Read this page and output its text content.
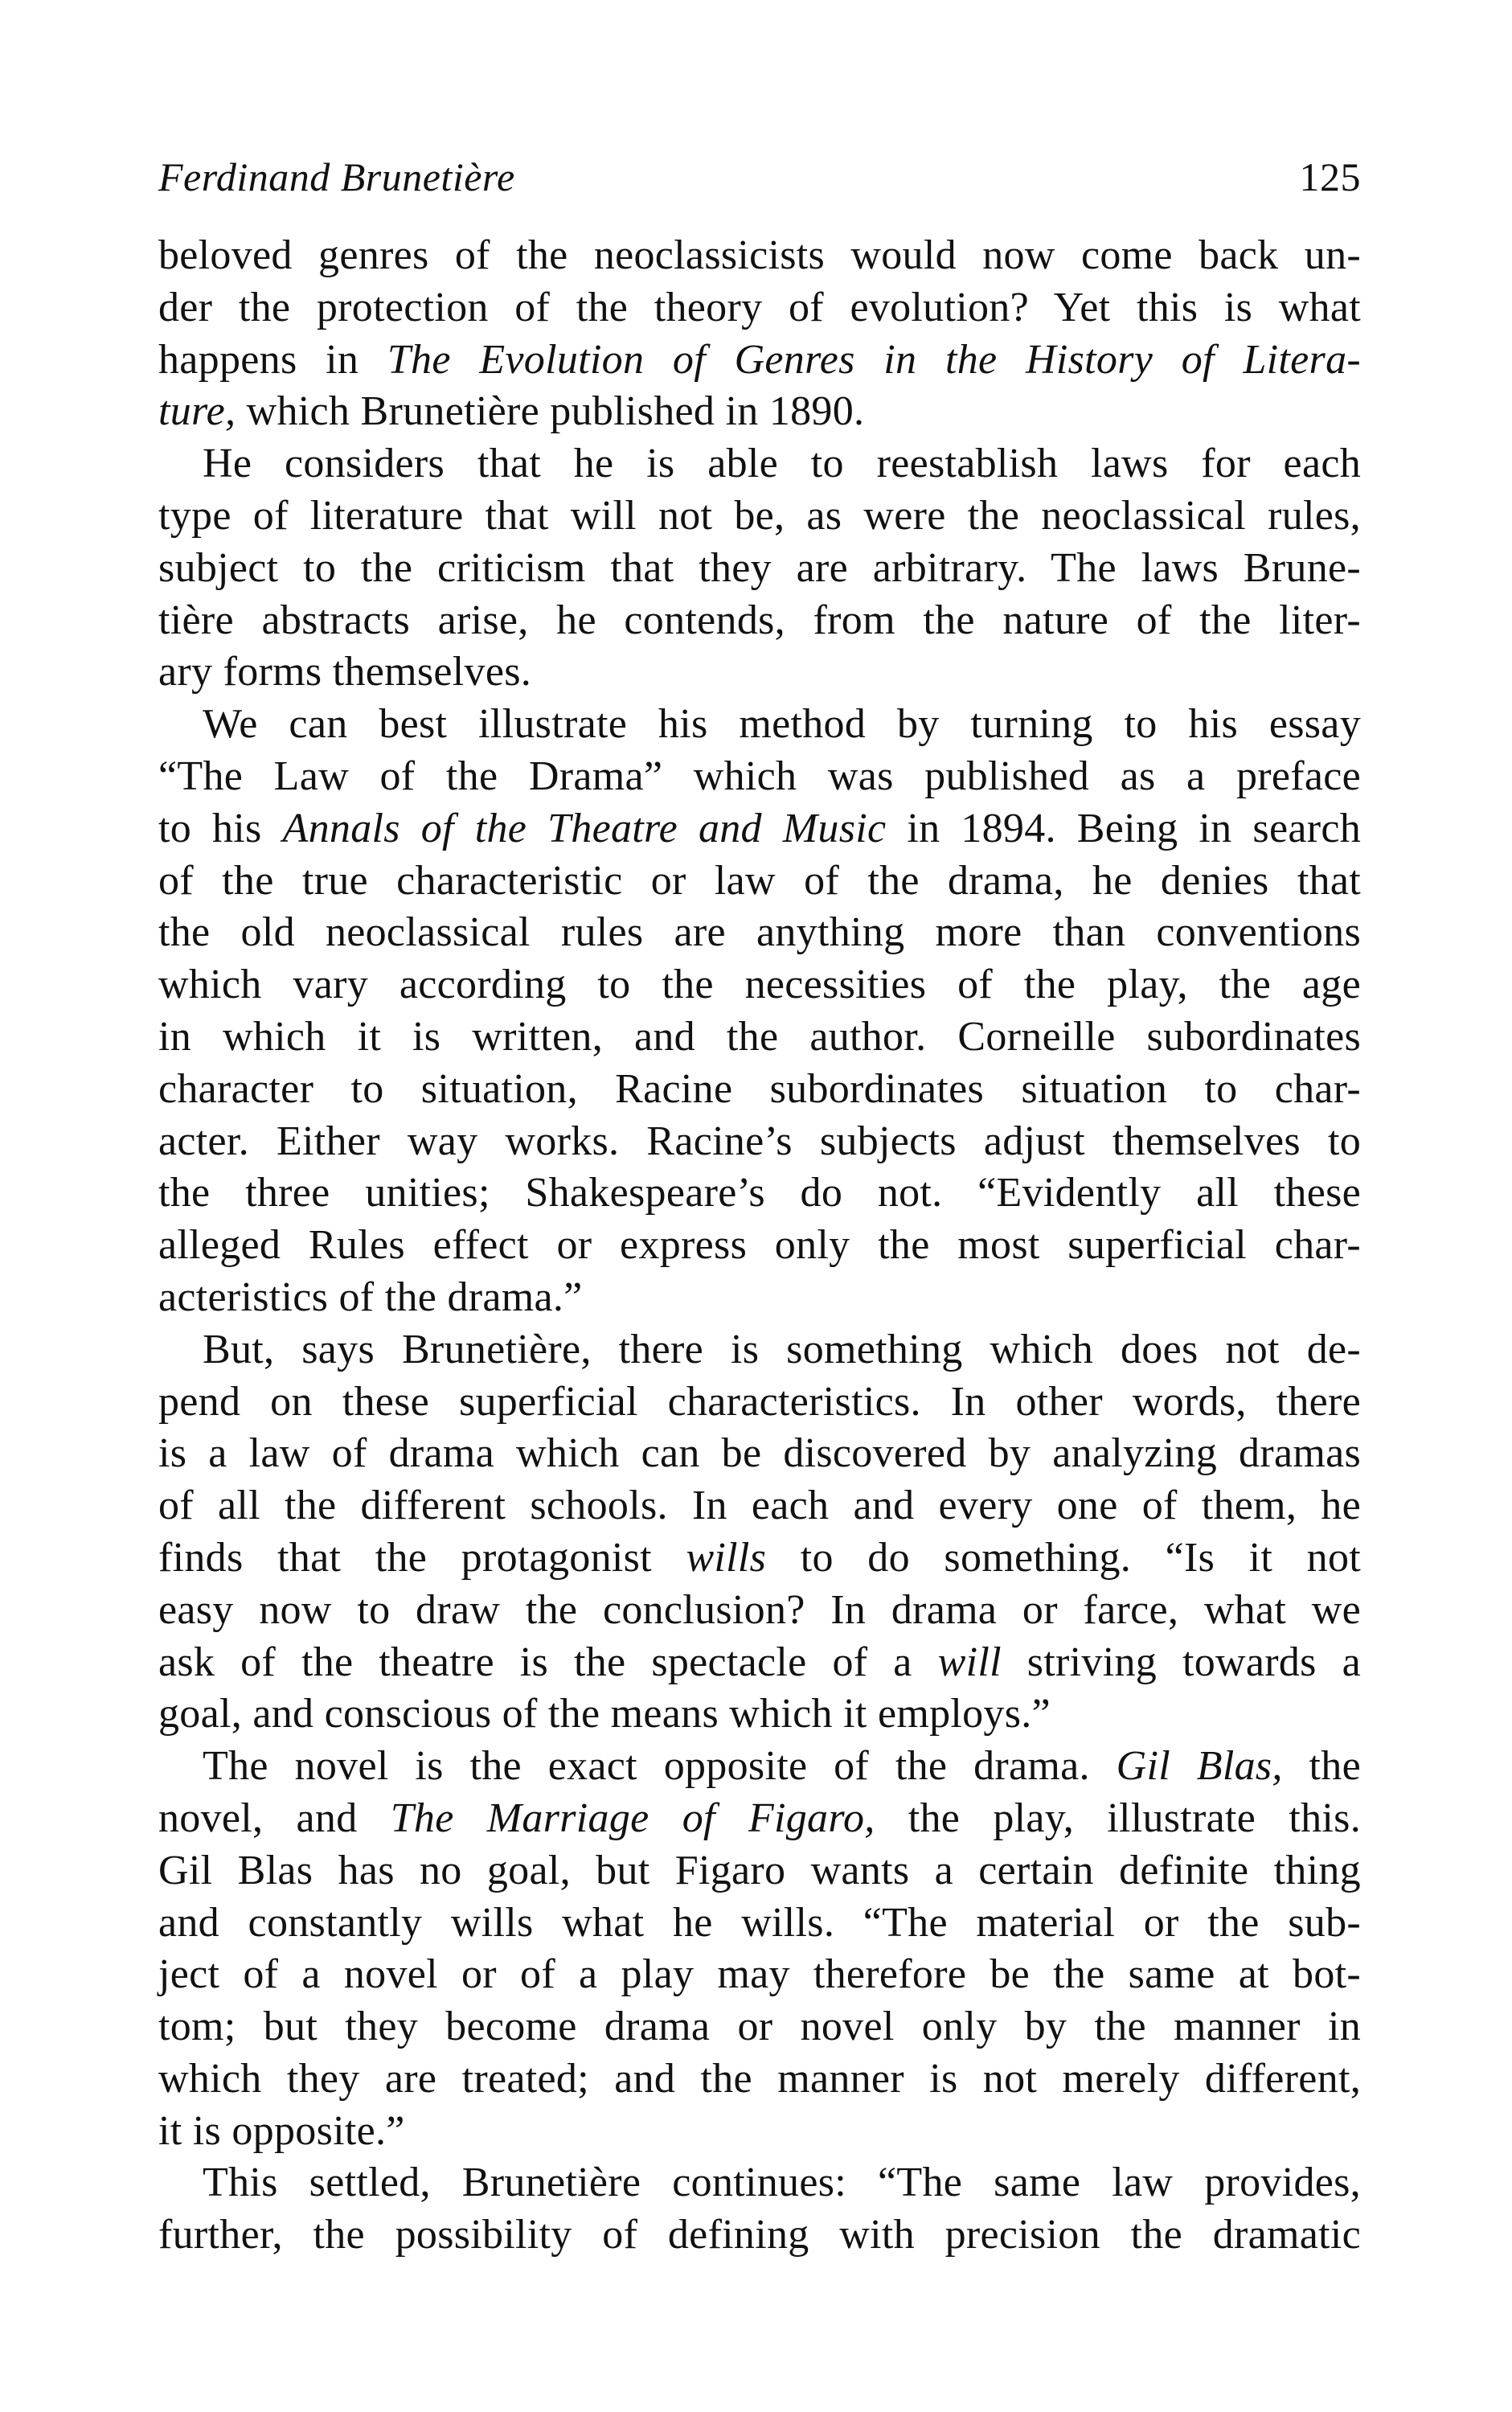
Ferdinand Brunetière	125
beloved genres of the neoclassicists would now come back un-
der the protection of the theory of evolution? Yet this is what
happens in The Evolution of Genres in the History of Litera-
ture, which Brunetière published in 1890.
He considers that he is able to reestablish laws for each
type of literature that will not be, as were the neoclassical rules,
subject to the criticism that they are arbitrary. The laws Brune-
tière abstracts arise, he contends, from the nature of the liter-
ary forms themselves.
We can best illustrate his method by turning to his essay
“The Law of the Drama” which was published as a preface
to his Annals of the Theatre and Music in 1894. Being in search
of the true characteristic or law of the drama, he denies that
the old neoclassical rules are anything more than conventions
which vary according to the necessities of the play, the age
in which it is written, and the author. Corneille subordinates
character to situation, Racine subordinates situation to char-
acter. Either way works. Racine’s subjects adjust themselves to
the three unities; Shakespeare’s do not. “Evidently all these
alleged Rules effect or express only the most superficial char-
acteristics of the drama.”
But, says Brunetière, there is something which does not de-
pend on these superficial characteristics. In other words, there
is a law of drama which can be discovered by analyzing dramas
of all the different schools. In each and every one of them, he
finds that the protagonist wills to do something. “Is it not
easy now to draw the conclusion? In drama or farce, what we
ask of the theatre is the spectacle of a will striving towards a
goal, and conscious of the means which it employs.”
The novel is the exact opposite of the drama. Gil Blas, the
novel, and The Marriage of Figaro, the play, illustrate this.
Gil Blas has no goal, but Figaro wants a certain definite thing
and constantly wills what he wills. “The material or the sub-
ject of a novel or of a play may therefore be the same at bot-
tom; but they become drama or novel only by the manner in
which they are treated; and the manner is not merely different,
it is opposite.”
This settled, Brunetière continues: “The same law provides,
further, the possibility of defining with precision the dramatic
